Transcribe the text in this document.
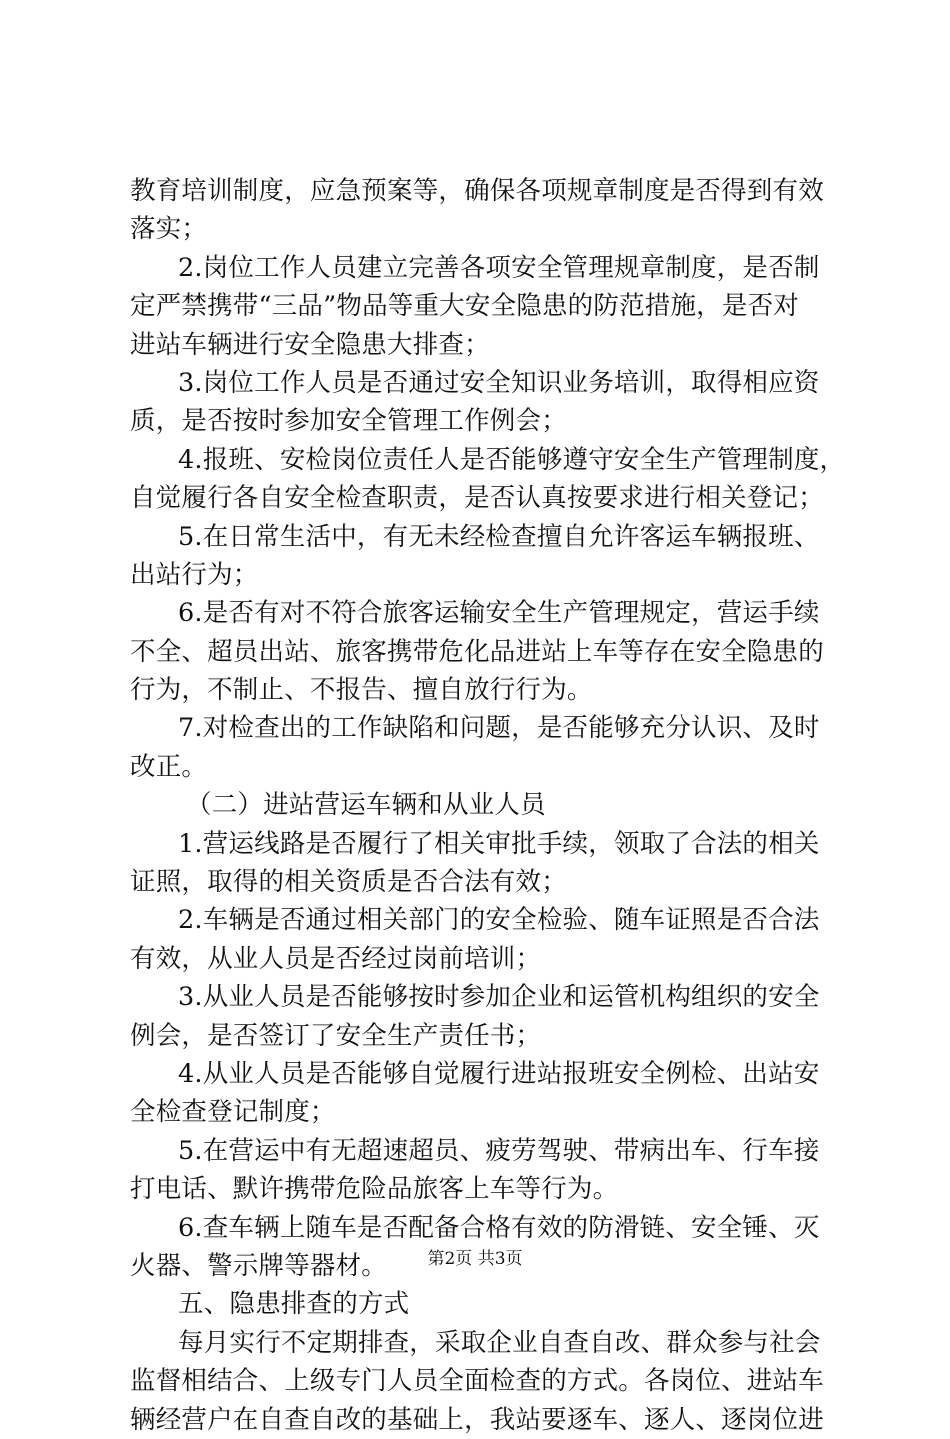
教育培训制度，应急预案等，确保各项规章制度是否得到有效
落实；
2.岗位工作人员建立完善各项安全管理规章制度，是否制
定严禁携带“三品”物品等重大安全隐患的防范措施，是否对
进站车辆进行安全隐患大排查；
3.岗位工作人员是否通过安全知识业务培训，取得相应资
质，是否按时参加安全管理工作例会；
4.报班、安检岗位责任人是否能够遵守安全生产管理制度，
自觉履行各自安全检查职责，是否认真按要求进行相关登记；
5.在日常生活中，有无未经检查擅自允许客运车辆报班、
出站行为；
6.是否有对不符合旅客运输安全生产管理规定，营运手续
不全、超员出站、旅客携带危化品进站上车等存在安全隐患的
行为，不制止、不报告、擅自放行行为。
7.对检查出的工作缺陷和问题，是否能够充分认识、及时
改正。
（二）进站营运车辆和从业人员
1.营运线路是否履行了相关审批手续，领取了合法的相关
证照，取得的相关资质是否合法有效；
2.车辆是否通过相关部门的安全检验、随车证照是否合法
有效，从业人员是否经过岗前培训；
3.从业人员是否能够按时参加企业和运管机构组织的安全
例会，是否签订了安全生产责任书；
4.从业人员是否能够自觉履行进站报班安全例检、出站安
全检查登记制度；
5.在营运中有无超速超员、疲劳驾驶、带病出车、行车接
打电话、默许携带危险品旅客上车等行为。
6.查车辆上随车是否配备合格有效的防滑链、安全锤、灭
火器、警示牌等器材。
五、隐患排查的方式
每月实行不定期排查，采取企业自查自改、群众参与社会
监督相结合、上级专门人员全面检查的方式。各岗位、进站车
辆经营户在自查自改的基础上，我站要逐车、逐人、逐岗位进
第2页 共3页
